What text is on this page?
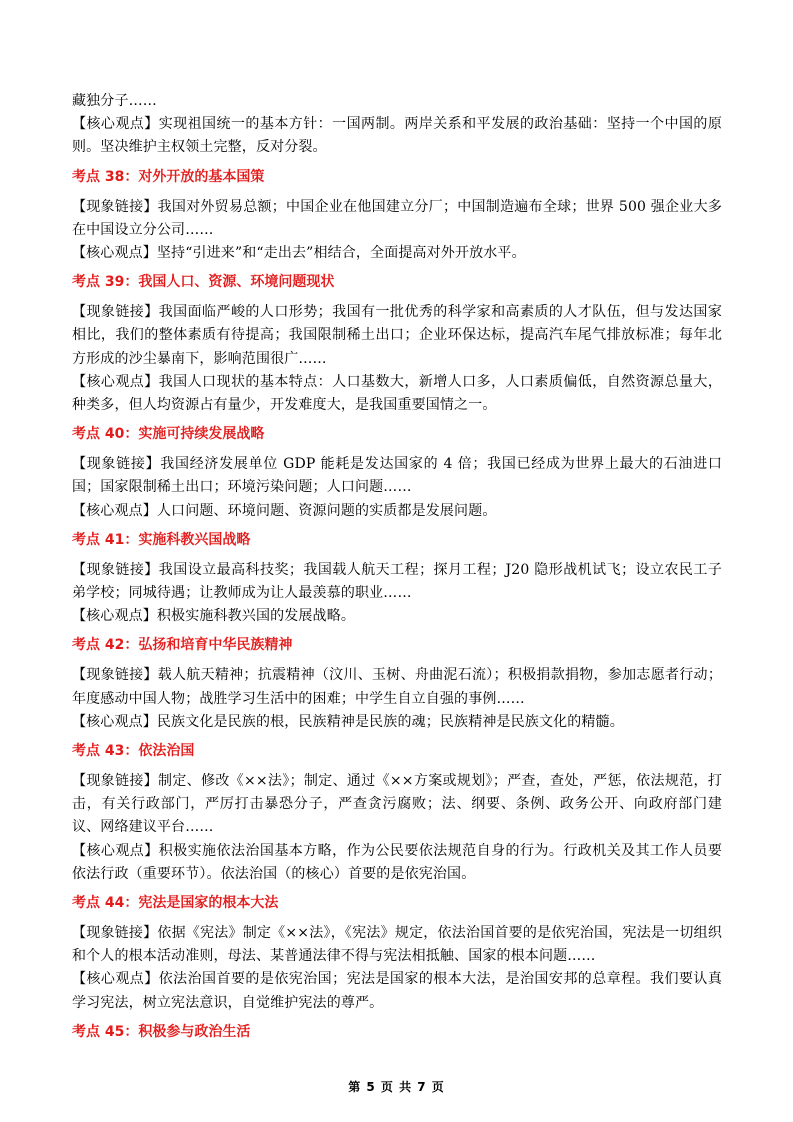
藏独分子……

【核心观点】实现祖国统一的基本方针：一国两制。两岸关系和平发展的政治基础：坚持一个中国的原则。坚决维护主权领土完整，反对分裂。

考点 38：对外开放的基本国策

【现象链接】我国对外贸易总额；中国企业在他国建立分厂；中国制造遍布全球；世界 500 强企业大多在中国设立分公司……

【核心观点】坚持“引进来”和“走出去”相结合，全面提高对外开放水平。

考点 39：我国人口、资源、环境问题现状

【现象链接】我国面临严峻的人口形势；我国有一批优秀的科学家和高素质的人才队伍，但与发达国家相比，我们的整体素质有待提高；我国限制稀土出口；企业环保达标，提高汽车尾气排放标准；每年北方形成的沙尘暴南下，影响范围很广……

【核心观点】我国人口现状的基本特点：人口基数大，新增人口多，人口素质偏低，自然资源总量大，种类多，但人均资源占有量少，开发难度大，是我国重要国情之一。

考点 40：实施可持续发展战略

【现象链接】我国经济发展单位 GDP 能耗是发达国家的 4 倍；我国已经成为世界上最大的石油进口国；国家限制稀土出口；环境污染问题；人口问题……

【核心观点】人口问题、环境问题、资源问题的实质都是发展问题。

考点 41：实施科教兴国战略

【现象链接】我国设立最高科技奖；我国载人航天工程；探月工程；J20 隐形战机试飞；设立农民工子弟学校；同城待遇；让教师成为让人最羡慕的职业……

【核心观点】积极实施科教兴国的发展战略。

考点 42：弘扬和培育中华民族精神

【现象链接】载人航天精神；抗震精神（汶川、玉树、舟曲泥石流）；积极捐款捐物，参加志愿者行动；年度感动中国人物；战胜学习生活中的困难；中学生自立自强的事例……

【核心观点】民族文化是民族的根，民族精神是民族的魂；民族精神是民族文化的精髓。

考点 43：依法治国

【现象链接】制定、修改《××法》；制定、通过《××方案或规划》；严查，查处，严惩，依法规范，打击，有关行政部门，严厉打击暴恐分子，严查贪污腐败；法、纲要、条例、政务公开、向政府部门建议、网络建议平台……

【核心观点】积极实施依法治国基本方略，作为公民要依法规范自身的行为。行政机关及其工作人员要依法行政（重要环节）。依法治国（的核心）首要的是依宪治国。

考点 44：宪法是国家的根本大法

【现象链接】依据《宪法》制定《××法》，《宪法》规定，依法治国首要的是依宪治国，宪法是一切组织和个人的根本活动准则，母法、某普通法律不得与宪法相抵触、国家的根本问题……

【核心观点】依法治国首要的是依宪治国；宪法是国家的根本大法，是治国安邦的总章程。我们要认真学习宪法，树立宪法意识，自觉维护宪法的尊严。

考点 45：积极参与政治生活
第 5 页 共 7 页
